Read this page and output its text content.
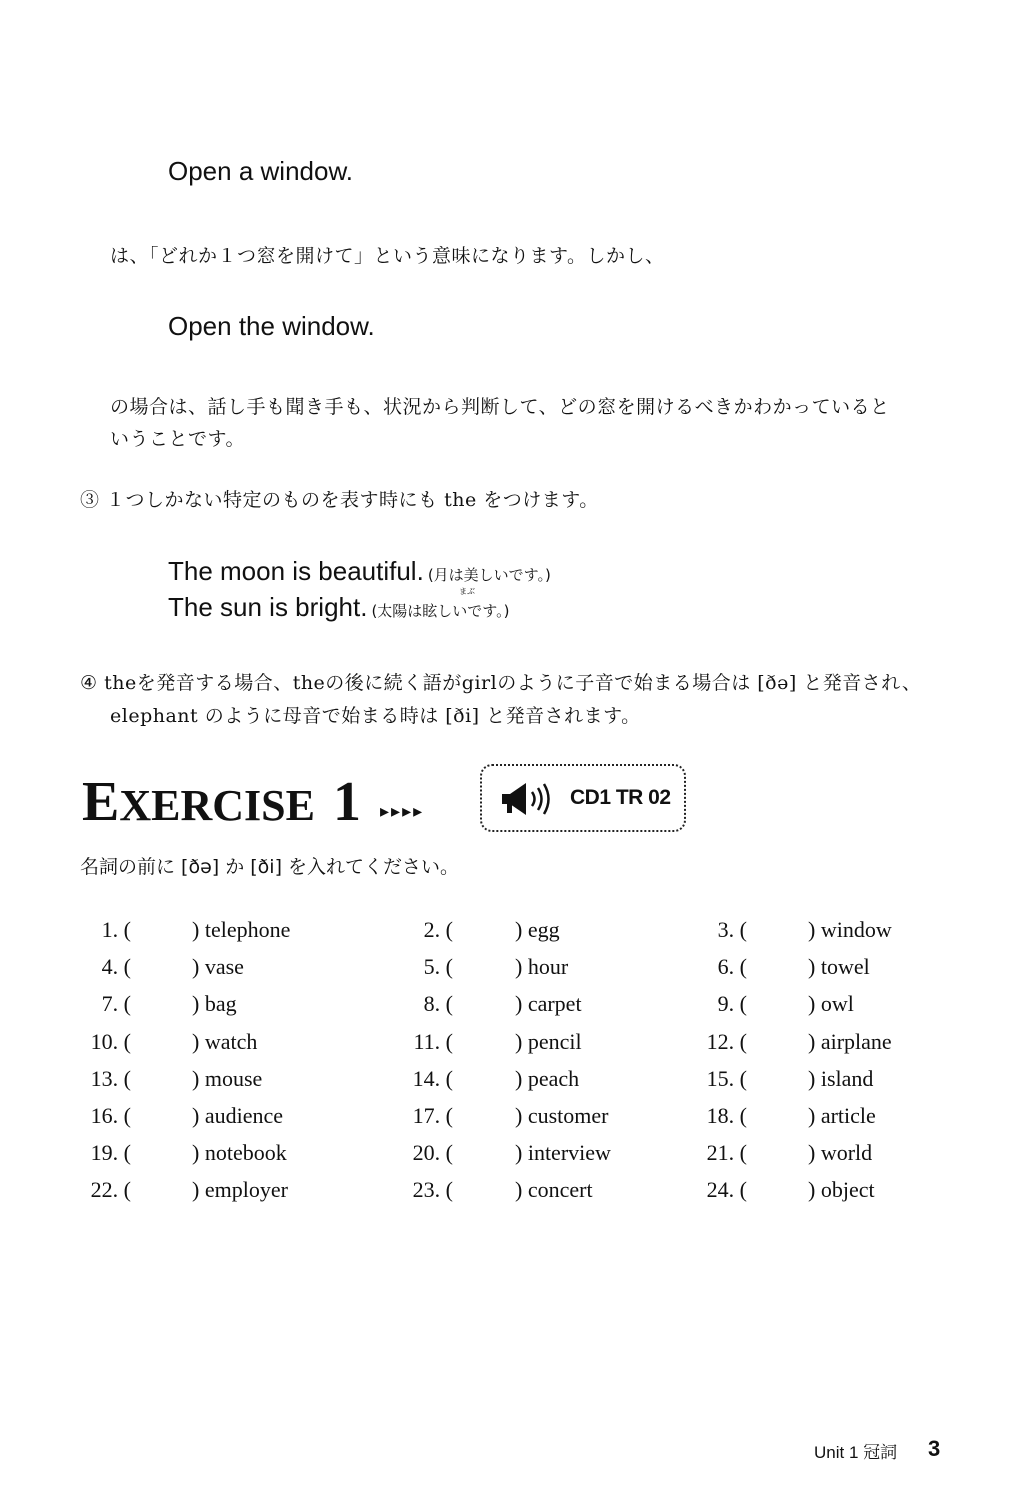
Open a window.
は、「どれか１つ窓を開けて」という意味になります。しかし、
Open the window.
の場合は、話し手も聞き手も、状況から判断して、どの窓を開けるべきかわかっていると
いうことです。
③ １つしかない特定のものを表す時にも the をつけます。
The moon is beautiful. (月は美しいです。)
まぶ
The sun is bright. (太陽は眩しいです。)
④ theを発音する場合、theの後に続く語がgirlのように子音で始まる場合は [ðə] と発音され、
elephant のように母音で始まる時は [ði] と発音されます。
EXERCISE 1 ▸▸▸▸
CD1 TR 02
名詞の前に [ðə] か [ði] を入れてください。
1. (	) telephone	2. (	) egg	3. (	) window
4. (	) vase	5. (	) hour	6. (	) towel
7. (	) bag	8. (	) carpet	9. (	) owl
10. (	) watch	11. (	) pencil	12. (	) airplane
13. (	) mouse	14. (	) peach	15. (	) island
16. (	) audience	17. (	) customer	18. (	) article
19. (	) notebook	20. (	) interview	21. (	) world
22. (	) employer	23. (	) concert	24. (	) object
Unit 1 冠詞 3
